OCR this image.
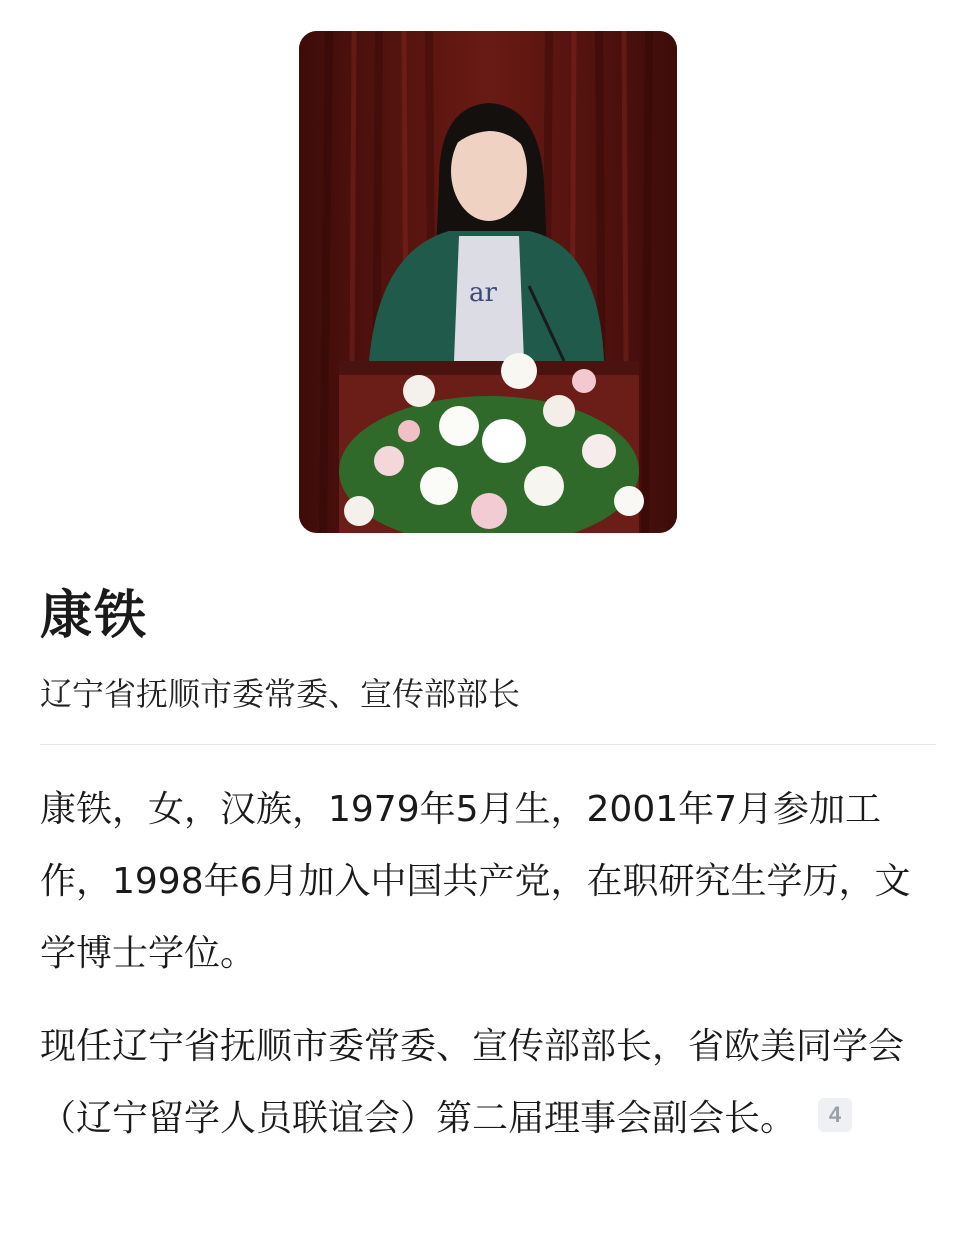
ar
康铁
辽宁省抚顺市委常委、宣传部部长

康铁，女，汉族，1979年5月生，2001年7月参加工作，1998年6月加入中国共产党，在职研究生学历，文学博士学位。

现任辽宁省抚顺市委常委、宣传部部长，省欧美同学会（辽宁留学人员联谊会）第二届理事会副会长。 4
